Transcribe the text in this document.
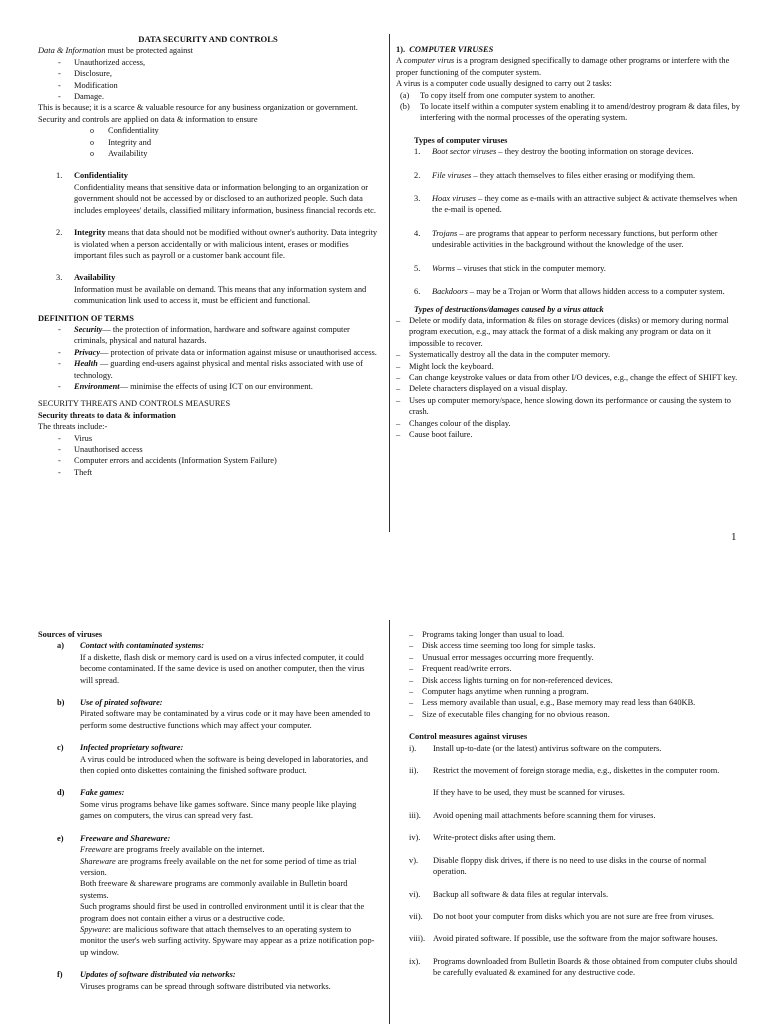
DATA SECURITY AND CONTROLS

Data & Information must be protected against

- Unauthorized access,
- Disclosure,
- Modification
- Damage.

This is because; it is a scarce & valuable resource for any business organization or government. Security and controls are applied on data & information to ensure

o Confidentiality
o Integrity and
o Availability
1. Confidentiality

Confidentiality means that sensitive data or information belonging to an organization or government should not be accessed by or disclosed to an authorized people. Such data includes employees' details, classified military information, business financial records etc.

2. Integrity means that data should not be modified without owner's authority. Data integrity is violated when a person accidentally or with malicious intent, erases or modifies important files such as payroll or a customer bank account file.

3. Availability

Information must be available on demand. This means that any information system and communication link used to access it, must be efficient and functional.

DEFINITION OF TERMS

- Security— the protection of information, hardware and software against computer criminals, physical and natural hazards.
- Privacy— protection of private data or information against misuse or unauthorised access.
- Health — guarding end-users against physical and mental risks associated with use of technology.
- Environment— minimise the effects of using ICT on our environment.

SECURITY THREATS AND CONTROLS MEASURES

Security threats to data & information

The threats include:-

- Virus
- Unauthorised access
- Computer errors and accidents (Information System Failure)
- Theft

1). COMPUTER VIRUSES

A computer virus is a program designed specifically to damage other programs or interfere with the proper functioning of the computer system.

A virus is a computer code usually designed to carry out 2 tasks:

(a) To copy itself from one computer system to another.
(b) To locate itself within a computer system enabling it to amend/destroy program & data files, by interfering with the normal processes of the operating system.

Types of computer viruses

1. Boot sector viruses – they destroy the booting information on storage devices.
2. File viruses – they attach themselves to files either erasing or modifying them.
3. Hoax viruses – they come as e-mails with an attractive subject & activate themselves when the e-mail is opened.
4. Trojans – are programs that appear to perform necessary functions, but perform other undesirable activities in the background without the knowledge of the user.
5. Worms – viruses that stick in the computer memory.
6. Backdoors – may be a Trojan or Worm that allows hidden access to a computer system.

Types of destructions/damages caused by a virus attack

– Delete or modify data, information & files on storage devices (disks) or memory during normal program execution, e.g., may attack the format of a disk making any program or data on it impossible to recover.
– Systematically destroy all the data in the computer memory.
– Might lock the keyboard.
– Can change keystroke values or data from other I/O devices, e.g., change the effect of SHIFT key.
– Delete characters displayed on a visual display.
– Uses up computer memory/space, hence slowing down its performance or causing the system to crash.
– Changes colour of the display.
– Cause boot failure.
1

Sources of viruses

a) Contact with contaminated systems:

If a diskette, flash disk or memory card is used on a virus infected computer, it could become contaminated. If the same device is used on another computer, then the virus will spread.

b) Use of pirated software:

Pirated software may be contaminated by a virus code or it may have been amended to perform some destructive functions which may affect your computer.

c) Infected proprietary software:

A virus could be introduced when the software is being developed in laboratories, and then copied onto diskettes containing the finished software product.

d) Fake games:

Some virus programs behave like games software. Since many people like playing games on computers, the virus can spread very fast.

e) Freeware and Shareware:

Freeware are programs freely available on the internet.

Shareware are programs freely available on the net for some period of time as trial version.

Both freeware & shareware programs are commonly available in Bulletin board systems.

Such programs should first be used in controlled environment until it is clear that the program does not contain either a virus or a destructive code.

Spyware: are malicious software that attach themselves to an operating system to monitor the user's web surfing activity. Spyware may appear as a prize notification pop-up window.

f) Updates of software distributed via networks:

Viruses programs can be spread through software distributed via networks.

– Programs taking longer than usual to load.
– Disk access time seeming too long for simple tasks.
– Unusual error messages occurring more frequently.
– Frequent read/write errors.
– Disk access lights turning on for non-referenced devices.
– Computer hags anytime when running a program.
– Less memory available than usual, e.g., Base memory may read less than 640KB.
– Size of executable files changing for no obvious reason.

Control measures against viruses

i). Install up-to-date (or the latest) antivirus software on the computers.
ii). Restrict the movement of foreign storage media, e.g., diskettes in the computer room.

If they have to be used, they must be scanned for viruses.

iii). Avoid opening mail attachments before scanning them for viruses.
iv). Write-protect disks after using them.
v). Disable floppy disk drives, if there is no need to use disks in the course of normal operation.
vi). Backup all software & data files at regular intervals.
vii). Do not boot your computer from disks which you are not sure are free from viruses.
viii). Avoid pirated software. If possible, use the software from the major software houses.
ix). Programs downloaded from Bulletin Boards & those obtained from computer clubs should be carefully evaluated & examined for any destructive code.
